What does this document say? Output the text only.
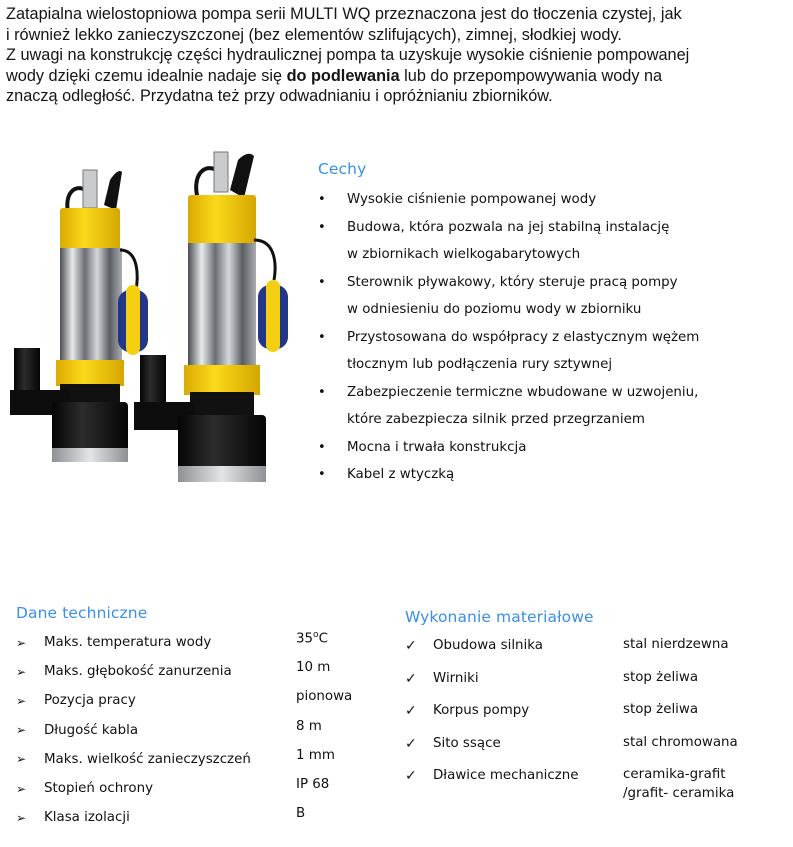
Zatapialna wielostopniowa pompa serii MULTI WQ przeznaczona jest do tłoczenia czystej, jak

i również lekko zanieczyszczonej (bez elementów szlifujących), zimnej, słodkiej wody.

Z uwagi na konstrukcję części hydraulicznej pompa ta uzyskuje wysokie ciśnienie pompowanej

wody dzięki czemu idealnie nadaje się do podlewania lub do przepompowywania wody na

znaczą odległość. Przydatna też przy odwadnianiu i opróżnianiu zbiorników.

Cechy
• Wysokie ciśnienie pompowanej wody
• Budowa, która pozwala na jej stabilną instalację
w zbiornikach wielkogabarytowych
• Sterownik pływakowy, który steruje pracą pompy
w odniesieniu do poziomu wody w zbiorniku
• Przystosowana do współpracy z elastycznym wężem
tłocznym lub podłączenia rury sztywnej
• Zabezpieczenie termiczne wbudowane w uzwojeniu,
które zabezpiecza silnik przed przegrzaniem
• Mocna i trwała konstrukcja
• Kabel z wtyczką
Dane techniczne
➢	Maks. temperatura wody	35$^o$C
➢	Maks. głębokość zanurzenia	10 m
➢	Pozycja pracy	pionowa
➢	Długość kabla	8 m
➢	Maks. wielkość zanieczyszczeń	1 mm
➢	Stopień ochrony	IP 68
➢	Klasa izolacji	B
Wykonanie materiałowe
✓	Obudowa silnika	stal nierdzewna
✓	Wirniki	stop żeliwa
✓	Korpus pompy	stop żeliwa
✓	Sito ssące	stal chromowana
✓	Dławice mechaniczne	ceramika-grafit
/grafit- ceramika
